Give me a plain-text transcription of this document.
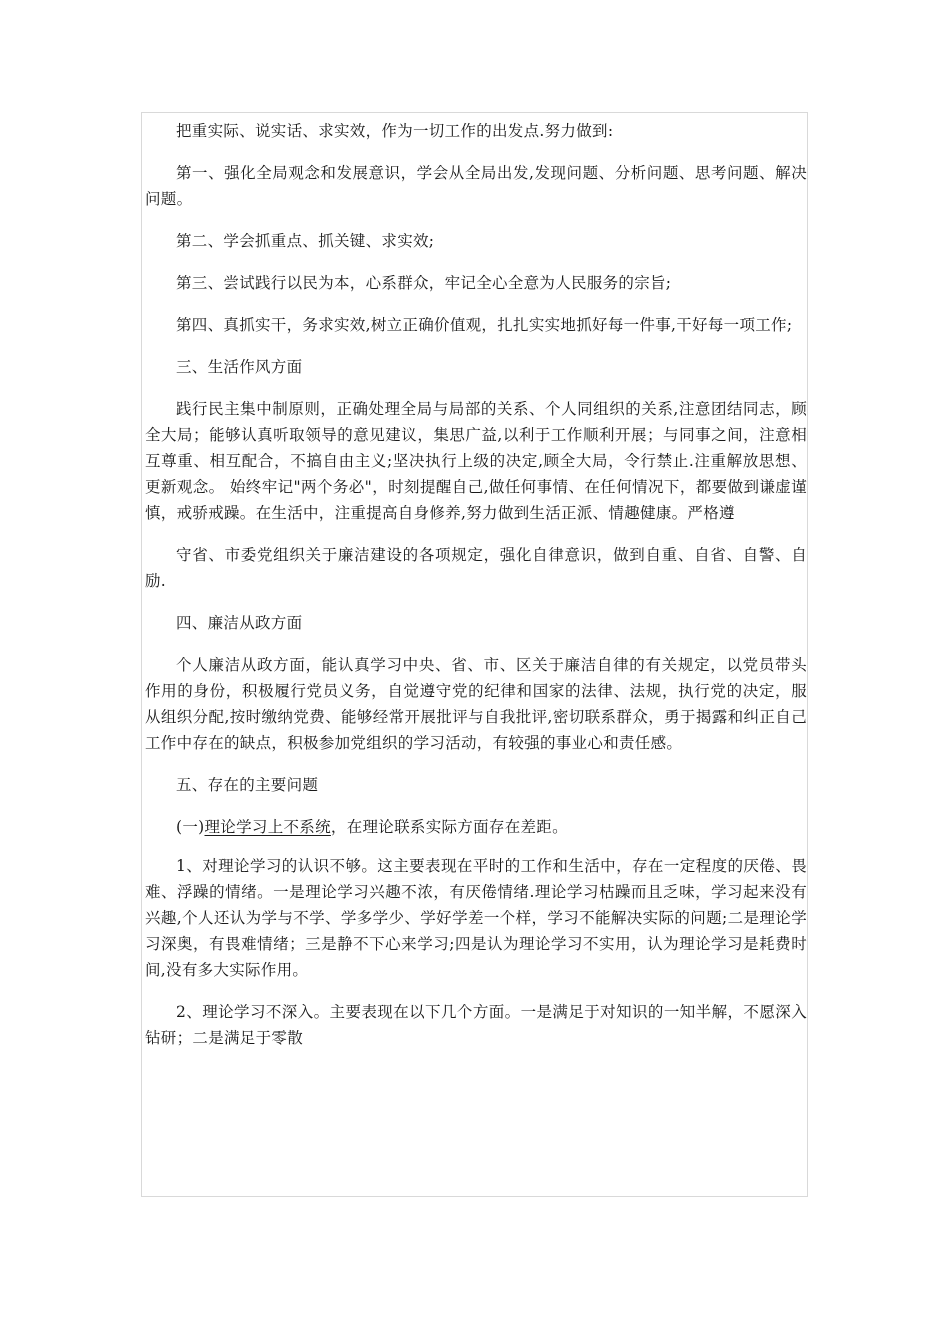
把重实际、说实话、求实效，作为一切工作的出发点.努力做到:

第一、强化全局观念和发展意识，学会从全局出发,发现问题、分析问题、思考问题、解决问题。

第二、学会抓重点、抓关键、求实效;

第三、尝试践行以民为本，心系群众，牢记全心全意为人民服务的宗旨;

第四、真抓实干，务求实效,树立正确价值观，扎扎实实地抓好每一件事,干好每一项工作;

三、生活作风方面

践行民主集中制原则，正确处理全局与局部的关系、个人同组织的关系,注意团结同志，顾全大局；能够认真听取领导的意见建议，集思广益,以利于工作顺利开展；与同事之间，注意相互尊重、相互配合，不搞自由主义;坚决执行上级的决定,顾全大局，令行禁止.注重解放思想、更新观念。 始终牢记"两个务必"，时刻提醒自己,做任何事情、在任何情况下，都要做到谦虚谨慎，戒骄戒躁。在生活中，注重提高自身修养,努力做到生活正派、情趣健康。严格遵

守省、市委党组织关于廉洁建设的各项规定，强化自律意识，做到自重、自省、自警、自励.

四、廉洁从政方面

个人廉洁从政方面，能认真学习中央、省、市、区关于廉洁自律的有关规定，以党员带头作用的身份，积极履行党员义务，自觉遵守党的纪律和国家的法律、法规，执行党的决定，服从组织分配,按时缴纳党费、能够经常开展批评与自我批评,密切联系群众，勇于揭露和纠正自己工作中存在的缺点，积极参加党组织的学习活动，有较强的事业心和责任感。

五、存在的主要问题

(一)理论学习上不系统，在理论联系实际方面存在差距。

1、对理论学习的认识不够。这主要表现在平时的工作和生活中，存在一定程度的厌倦、畏难、浮躁的情绪。一是理论学习兴趣不浓，有厌倦情绪.理论学习枯躁而且乏味，学习起来没有兴趣,个人还认为学与不学、学多学少、学好学差一个样，学习不能解决实际的问题;二是理论学习深奥，有畏难情绪；三是静不下心来学习;四是认为理论学习不实用，认为理论学习是耗费时间,没有多大实际作用。

2、理论学习不深入。主要表现在以下几个方面。一是满足于对知识的一知半解，不愿深入钻研；二是满足于零散
